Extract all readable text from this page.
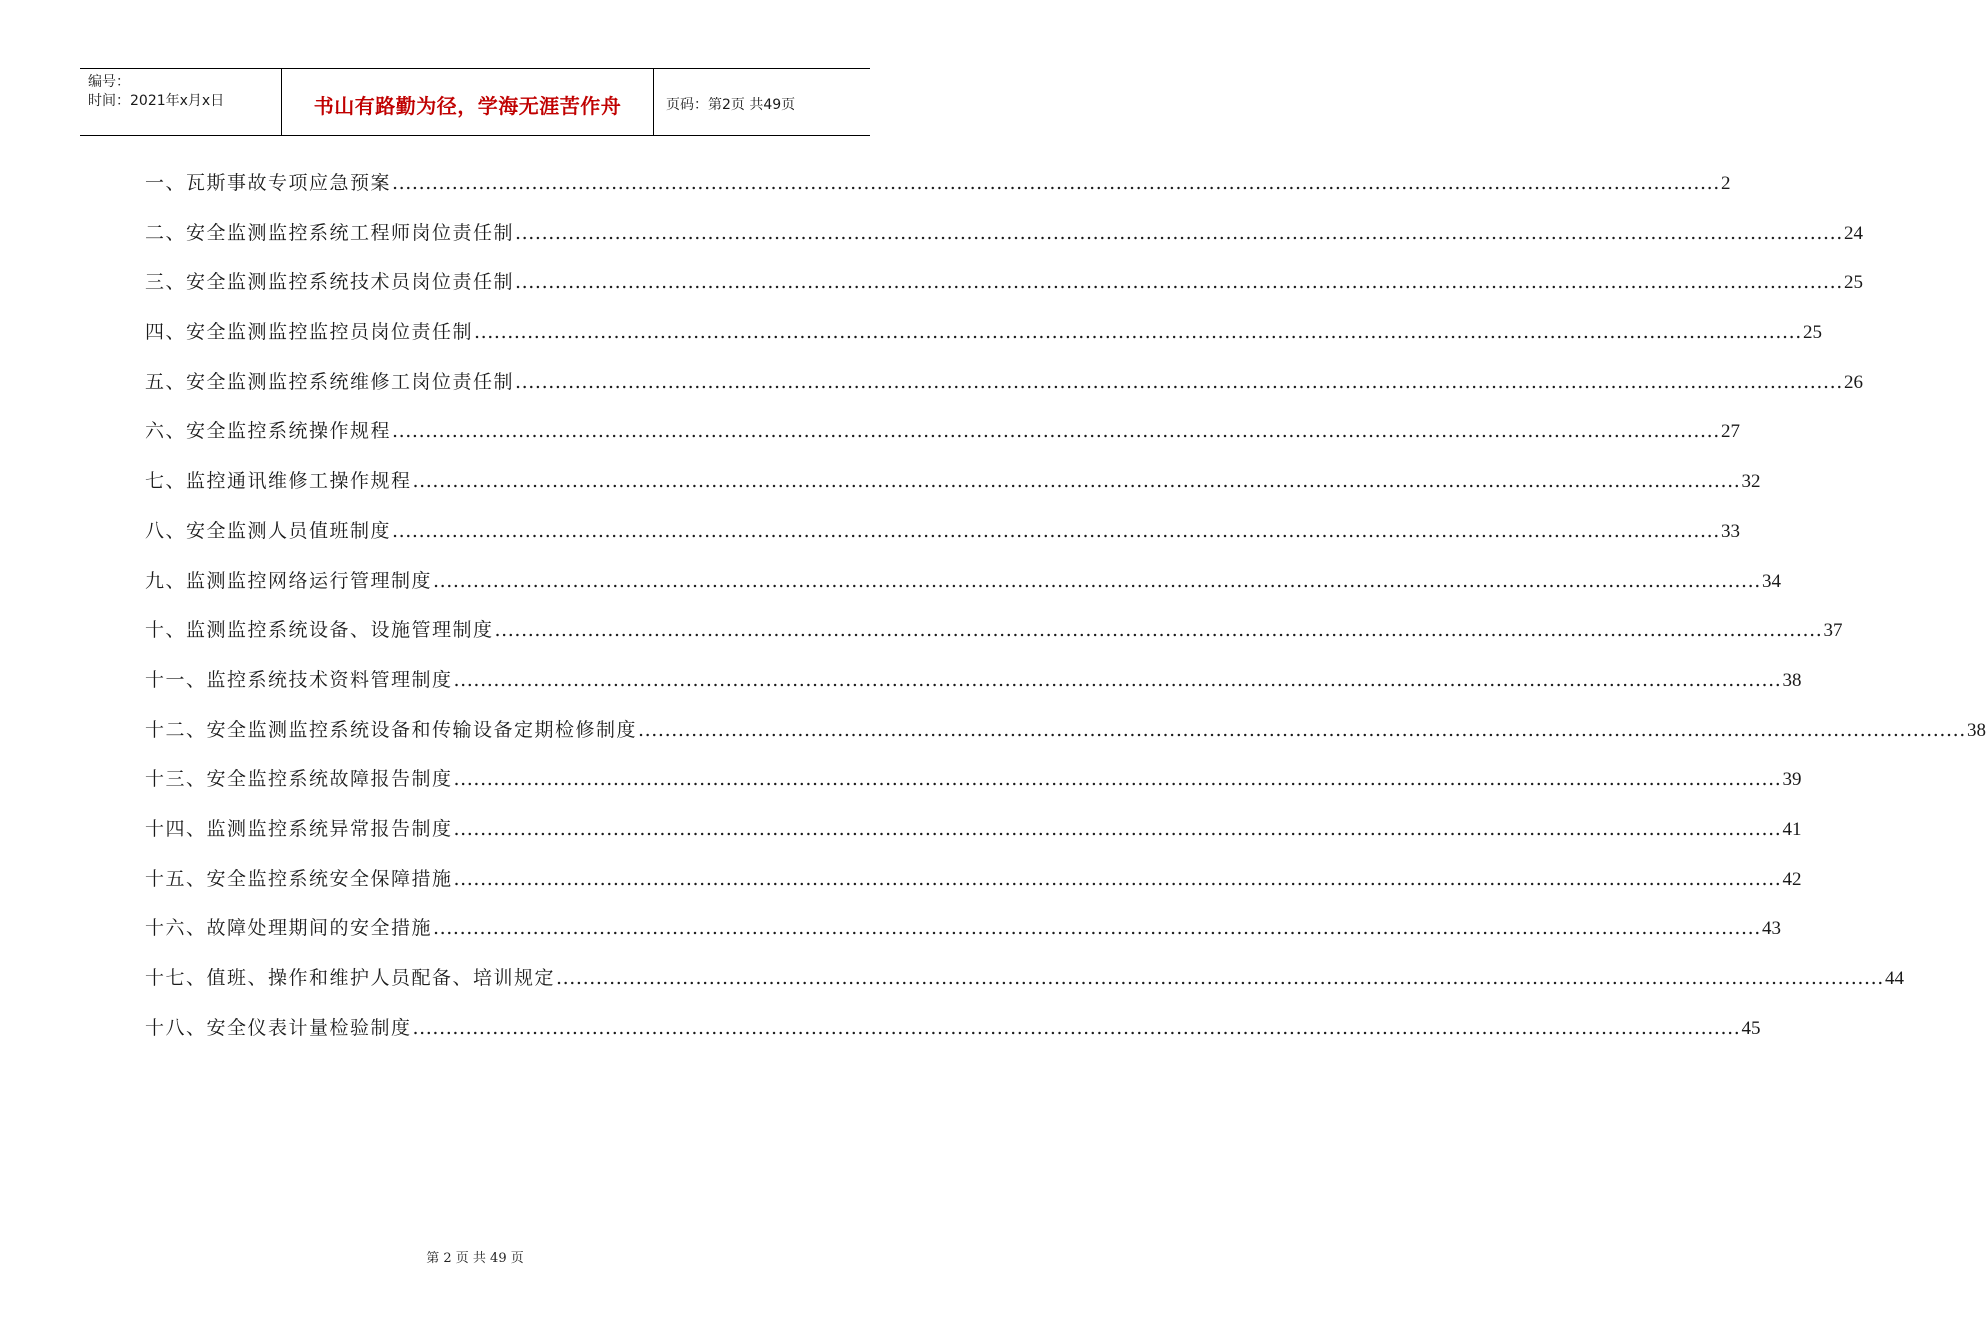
编号：
时间：2021年x月x日	书山有路勤为径，学海无涯苦作舟	页码：第2页 共49页
一、瓦斯事故专项应急预案 ........................................................................................................................................................................................................ 2
二、安全监测监控系统工程师岗位责任制 ........................................................................................................................................................................................................ 24
三、安全监测监控系统技术员岗位责任制 ........................................................................................................................................................................................................ 25
四、安全监测监控监控员岗位责任制 ........................................................................................................................................................................................................ 25
五、安全监测监控系统维修工岗位责任制 ........................................................................................................................................................................................................ 26
六、安全监控系统操作规程 ........................................................................................................................................................................................................ 27
七、监控通讯维修工操作规程 ........................................................................................................................................................................................................ 32
八、安全监测人员值班制度 ........................................................................................................................................................................................................ 33
九、监测监控网络运行管理制度 ........................................................................................................................................................................................................ 34
十、监测监控系统设备、设施管理制度 ........................................................................................................................................................................................................ 37
十一、监控系统技术资料管理制度 ........................................................................................................................................................................................................ 38
十二、安全监测监控系统设备和传输设备定期检修制度 ........................................................................................................................................................................................................ 38
十三、安全监控系统故障报告制度 ........................................................................................................................................................................................................ 39
十四、监测监控系统异常报告制度 ........................................................................................................................................................................................................ 41
十五、安全监控系统安全保障措施 ........................................................................................................................................................................................................ 42
十六、故障处理期间的安全措施 ........................................................................................................................................................................................................ 43
十七、值班、操作和维护人员配备、培训规定 ........................................................................................................................................................................................................ 44
十八、安全仪表计量检验制度 ........................................................................................................................................................................................................ 45
第 2 页 共 49 页
